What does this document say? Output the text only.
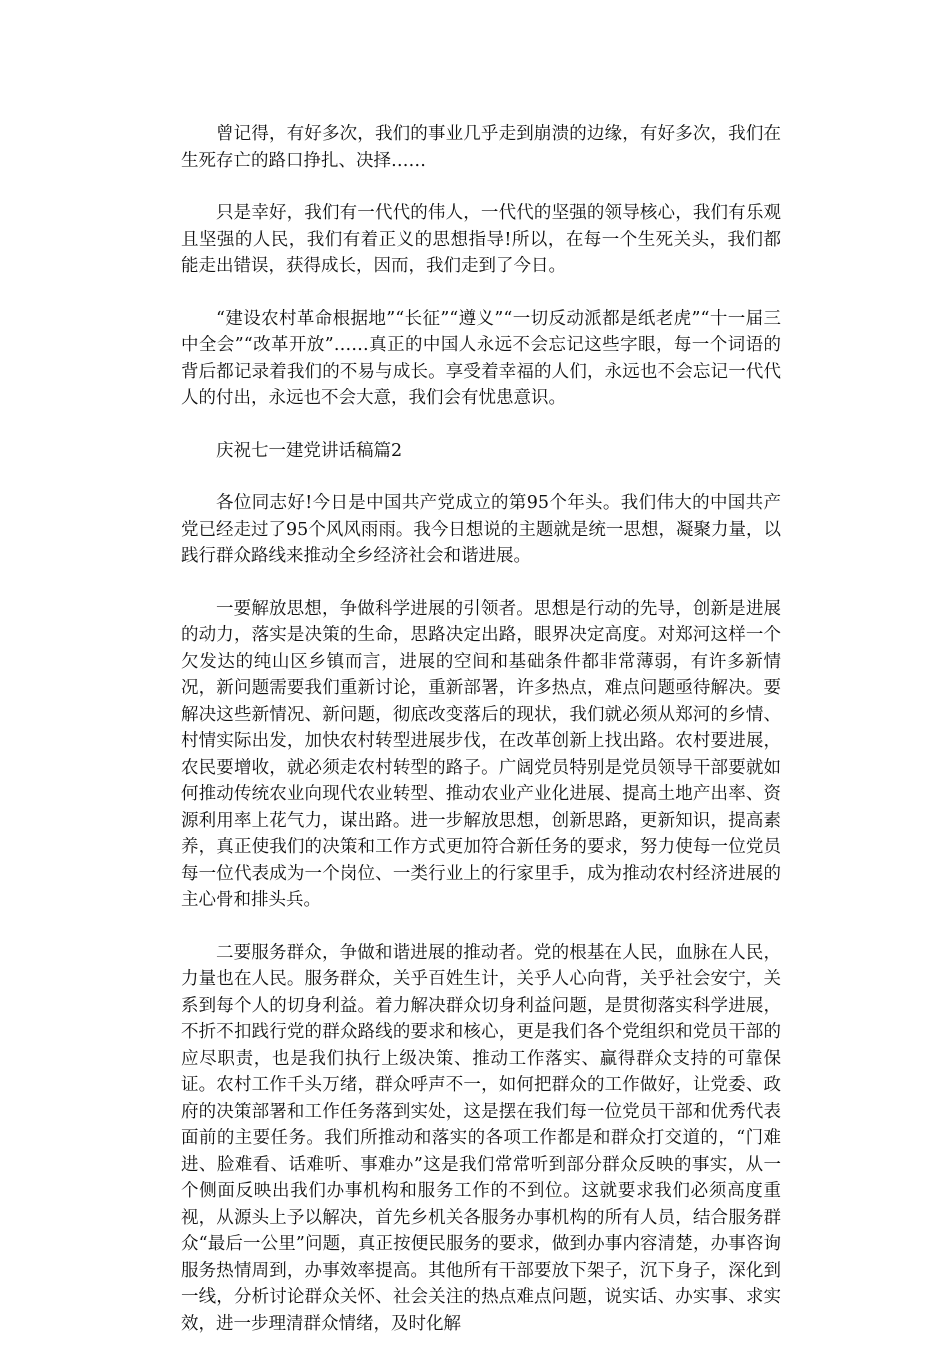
曾记得，有好多次，我们的事业几乎走到崩溃的边缘，有好多次，我们在生死存亡的路口挣扎、决择……

只是幸好，我们有一代代的伟人，一代代的坚强的领导核心，我们有乐观且坚强的人民，我们有着正义的思想指导!所以，在每一个生死关头，我们都能走出错误，获得成长，因而，我们走到了今日。

“建设农村革命根据地”“长征”“遵义”“一切反动派都是纸老虎”“十一届三中全会”“改革开放”……真正的中国人永远不会忘记这些字眼，每一个词语的背后都记录着我们的不易与成长。享受着幸福的人们，永远也不会忘记一代代人的付出，永远也不会大意，我们会有忧患意识。

庆祝七一建党讲话稿篇2

各位同志好!今日是中国共产党成立的第95个年头。我们伟大的中国共产党已经走过了95个风风雨雨。我今日想说的主题就是统一思想，凝聚力量，以践行群众路线来推动全乡经济社会和谐进展。

一要解放思想，争做科学进展的引领者。思想是行动的先导，创新是进展的动力，落实是决策的生命，思路决定出路，眼界决定高度。对郑河这样一个欠发达的纯山区乡镇而言，进展的空间和基础条件都非常薄弱，有许多新情况，新问题需要我们重新讨论，重新部署，许多热点，难点问题亟待解决。要解决这些新情况、新问题，彻底改变落后的现状，我们就必须从郑河的乡情、村情实际出发，加快农村转型进展步伐，在改革创新上找出路。农村要进展，农民要增收，就必须走农村转型的路子。广阔党员特别是党员领导干部要就如何推动传统农业向现代农业转型、推动农业产业化进展、提高土地产出率、资源利用率上花气力，谋出路。进一步解放思想，创新思路，更新知识，提高素养，真正使我们的决策和工作方式更加符合新任务的要求，努力使每一位党员每一位代表成为一个岗位、一类行业上的行家里手，成为推动农村经济进展的主心骨和排头兵。

二要服务群众，争做和谐进展的推动者。党的根基在人民，血脉在人民，力量也在人民。服务群众，关乎百姓生计，关乎人心向背，关乎社会安宁，关系到每个人的切身利益。着力解决群众切身利益问题，是贯彻落实科学进展，不折不扣践行党的群众路线的要求和核心，更是我们各个党组织和党员干部的应尽职责，也是我们执行上级决策、推动工作落实、赢得群众支持的可靠保证。农村工作千头万绪，群众呼声不一，如何把群众的工作做好，让党委、政府的决策部署和工作任务落到实处，这是摆在我们每一位党员干部和优秀代表面前的主要任务。我们所推动和落实的各项工作都是和群众打交道的，“门难进、脸难看、话难听、事难办”这是我们常常听到部分群众反映的事实，从一个侧面反映出我们办事机构和服务工作的不到位。这就要求我们必须高度重视，从源头上予以解决，首先乡机关各服务办事机构的所有人员，结合服务群众“最后一公里”问题，真正按便民服务的要求，做到办事内容清楚，办事咨询服务热情周到，办事效率提高。其他所有干部要放下架子，沉下身子，深化到一线，分析讨论群众关怀、社会关注的热点难点问题，说实话、办实事、求实效，进一步理清群众情绪，及时化解
